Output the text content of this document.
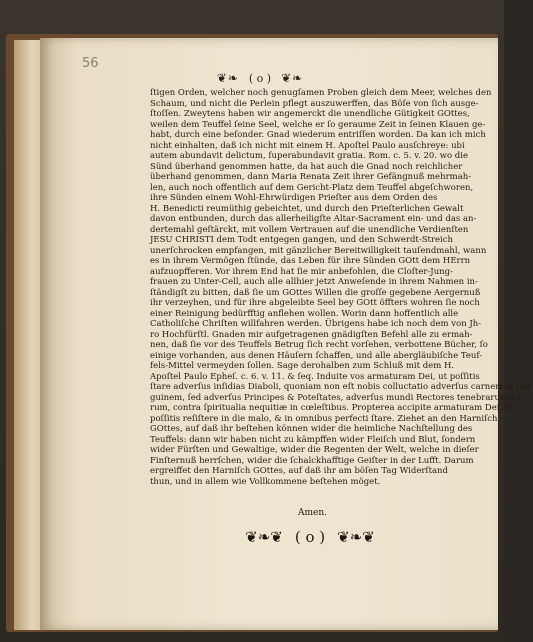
56
❦❧ ( o ) ❦❧
ſtigen Orden, welcher noch genugſamen Proben gleich dem Meer, welches den
Schaum, und nicht die Perlein pflegt auszuwerffen, das Böſe von ſich ausge-
ſtoſſen. Zweytens haben wir angemerckt die unendliche Gütigkeit GOttes,
weilen dem Teuffel ſeine Seel, welche er ſo geraume Zeit in ſeinen Klauen ge-
habt, durch eine beſonder. Gnad wiederum entriſſen worden. Da kan ich mich
nicht einhalten, daß ich nicht mit einem H. Apoſtel Paulo ausſchreye: ubi
autem abundavit delictum, ſuperabundavit gratia. Rom. c. 5. v. 20. wo die
Sünd überhand genommen hatte, da hat auch die Gnad noch reichlicher
überhand genommen, dann Maria Renata Zeit ihrer Gefängnuß mehrmah-
len, auch noch offentlich auf dem Gericht-Platz dem Teuffel abgeſchworen,
ihre Sünden einem Wohl-Ehrwürdigen Prieſter aus dem Orden des
H. Benedicti reumüthig gebeichtet, und durch den Prieſterlichen Gewalt
davon entbunden, durch das allerheiligſte Altar-Sacrament ein- und das an-
dertemahl geſtärckt, mit vollem Vertrauen auf die unendliche Verdienſten
JESU CHRISTI dem Todt entgegen gangen, und den Schwerdt-Streich
unerſchrocken empfangen, mit gänzlicher Bereitwilligkeit tauſendmahl, wann
es in ihrem Vermögen ſtünde, das Leben für ihre Sünden GOtt dem HErrn
aufzuopfferen. Vor ihrem End hat ſie mir anbefohlen, die Cloſter-Jung-
frauen zu Unter-Cell, auch alle allhier jetzt Anweſende in ihrem Nahmen in-
ſtändigſt zu bitten, daß ſie um GOttes Willen die groſſe gegebene Aergernuß
ihr verzeyhen, und für ihre abgeleibte Seel bey GOtt öffters wohren ſie noch
einer Reinigung bedürfftig anflehen wollen. Worin dann hoffentlich alle
Catholiſche Chriſten willfahren werden. Übrigens habe ich noch dem von Jh-
ro Hochfürſtl. Gnaden mir aufgetragenen gnädigſten Befehl alle zu ermah-
nen, daß ſie vor des Teuffels Betrug ſich recht vorſehen, verbottene Bücher, ſo
einige vorhanden, aus denen Häuſern ſchaffen, und alle abergläubiſche Teuf-
fels-Mittel vermeyden ſollen. Sage derohalben zum Schluß mit dem H.
Apoſtel Paulo Epheſ. c. 6. v. 11. & ſeq. Induite vos armaturam Dei, ut poſſitis
ſtare adverſus inſidias Diaboli, quoniam non eſt nobis colluctatio adverſus carnem & ſan-
guinem, ſed adverſus Principes & Poteſtates, adverſus mundi Rectores tenebrarum ha-
rum, contra ſpiritualia nequitiæ in cœleſtibus. Propterea accipite armaturam Dei, ut
poſſitis reſiſtere in die malo, & in omnibus perfecti ſtare. Ziehet an den Harniſch
GOttes, auf daß ihr beſtehen können wider die heimliche Nachſtellung des
Teuffels: dann wir haben nicht zu kämpffen wider Fleiſch und Blut, ſondern
wider Fürſten und Gewaltige, wider die Regenten der Welt, welche in dieſer
Finſternuß herrſchen, wider die ſchalckhafftige Geiſter in der Lufft. Darum
ergreiffet den Harniſch GOttes, auf daß ihr am böſen Tag Widerſtand
thun, und in allem wie Vollkommene beſtehen möget.
Amen.
❦❧❦ ( o ) ❦❧❦
